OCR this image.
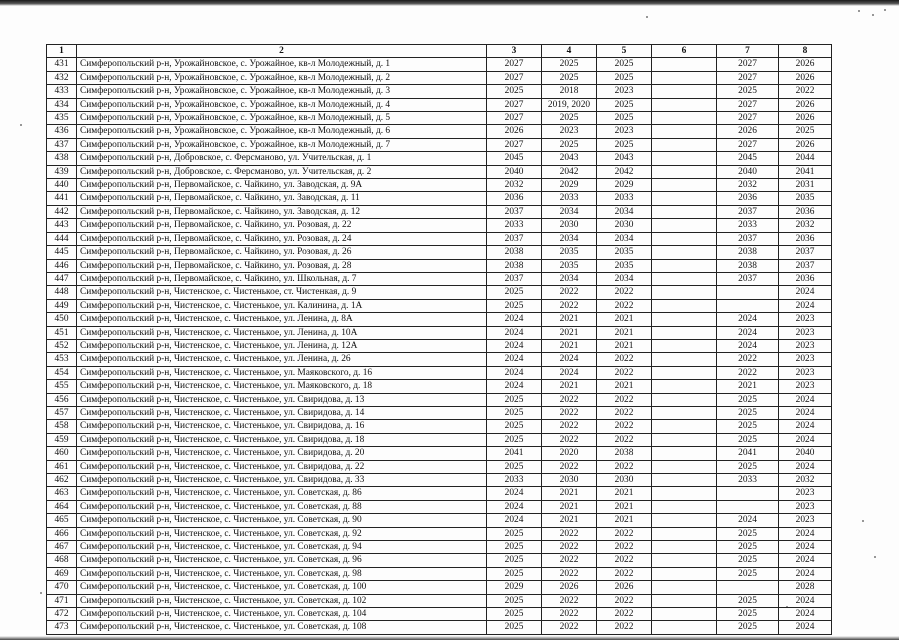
1	2	3	4	5	6	7	8
431	Симферопольский р-н, Урожайновское, с. Урожайное, кв-л Молодежный, д. 1	2027	2025	2025		2027	2026
432	Симферопольский р-н, Урожайновское, с. Урожайное, кв-л Молодежный, д. 2	2027	2025	2025		2027	2026
433	Симферопольский р-н, Урожайновское, с. Урожайное, кв-л Молодежный, д. 3	2025	2018	2023		2025	2022
434	Симферопольский р-н, Урожайновское, с. Урожайное, кв-л Молодежный, д. 4	2027	2019, 2020	2025		2027	2026
435	Симферопольский р-н, Урожайновское, с. Урожайное, кв-л Молодежный, д. 5	2027	2025	2025		2027	2026
436	Симферопольский р-н, Урожайновское, с. Урожайное, кв-л Молодежный, д. 6	2026	2023	2023		2026	2025
437	Симферопольский р-н, Урожайновское, с. Урожайное, кв-л Молодежный, д. 7	2027	2025	2025		2027	2026
438	Симферопольский р-н, Добровское, с. Ферсманово, ул. Учительская, д. 1	2045	2043	2043		2045	2044
439	Симферопольский р-н, Добровское, с. Ферсманово, ул. Учительская, д. 2	2040	2042	2042		2040	2041
440	Симферопольский р-н, Первомайское, с. Чайкино, ул. Заводская, д. 9А	2032	2029	2029		2032	2031
441	Симферопольский р-н, Первомайское, с. Чайкино, ул. Заводская, д. 11	2036	2033	2033		2036	2035
442	Симферопольский р-н, Первомайское, с. Чайкино, ул. Заводская, д. 12	2037	2034	2034		2037	2036
443	Симферопольский р-н, Первомайское, с. Чайкино, ул. Розовая, д. 22	2033	2030	2030		2033	2032
444	Симферопольский р-н, Первомайское, с. Чайкино, ул. Розовая, д. 24	2037	2034	2034		2037	2036
445	Симферопольский р-н, Первомайское, с. Чайкино, ул. Розовая, д. 26	2038	2035	2035		2038	2037
446	Симферопольский р-н, Первомайское, с. Чайкино, ул. Розовая, д. 28	2038	2035	2035		2038	2037
447	Симферопольский р-н, Первомайское, с. Чайкино, ул. Школьная, д. 7	2037	2034	2034		2037	2036
448	Симферопольский р-н, Чистенское, с. Чистенькое, ст. Чистенкая, д. 9	2025	2022	2022			2024
449	Симферопольский р-н, Чистенское, с. Чистенькое, ул. Калинина, д. 1А	2025	2022	2022			2024
450	Симферопольский р-н, Чистенское, с. Чистенькое, ул. Ленина, д. 8А	2024	2021	2021		2024	2023
451	Симферопольский р-н, Чистенское, с. Чистенькое, ул. Ленина, д. 10А	2024	2021	2021		2024	2023
452	Симферопольский р-н, Чистенское, с. Чистенькое, ул. Ленина, д. 12А	2024	2021	2021		2024	2023
453	Симферопольский р-н, Чистенское, с. Чистенькое, ул. Ленина, д. 26	2024	2024	2022		2022	2023
454	Симферопольский р-н, Чистенское, с. Чистенькое, ул. Маяковского, д. 16	2024	2024	2022		2022	2023
455	Симферопольский р-н, Чистенское, с. Чистенькое, ул. Маяковского, д. 18	2024	2021	2021		2021	2023
456	Симферопольский р-н, Чистенское, с. Чистенькое, ул. Свиридова, д. 13	2025	2022	2022		2025	2024
457	Симферопольский р-н, Чистенское, с. Чистенькое, ул. Свиридова, д. 14	2025	2022	2022		2025	2024
458	Симферопольский р-н, Чистенское, с. Чистенькое, ул. Свиридова, д. 16	2025	2022	2022		2025	2024
459	Симферопольский р-н, Чистенское, с. Чистенькое, ул. Свиридова, д. 18	2025	2022	2022		2025	2024
460	Симферопольский р-н, Чистенское, с. Чистенькое, ул. Свиридова, д. 20	2041	2020	2038		2041	2040
461	Симферопольский р-н, Чистенское, с. Чистенькое, ул. Свиридова, д. 22	2025	2022	2022		2025	2024
462	Симферопольский р-н, Чистенское, с. Чистенькое, ул. Свиридова, д. 33	2033	2030	2030		2033	2032
463	Симферопольский р-н, Чистенское, с. Чистенькое, ул. Советская, д. 86	2024	2021	2021			2023
464	Симферопольский р-н, Чистенское, с. Чистенькое, ул. Советская, д. 88	2024	2021	2021			2023
465	Симферопольский р-н, Чистенское, с. Чистенькое, ул. Советская, д. 90	2024	2021	2021		2024	2023
466	Симферопольский р-н, Чистенское, с. Чистенькое, ул. Советская, д. 92	2025	2022	2022		2025	2024
467	Симферопольский р-н, Чистенское, с. Чистенькое, ул. Советская, д. 94	2025	2022	2022		2025	2024
468	Симферопольский р-н, Чистенское, с. Чистенькое, ул. Советская, д. 96	2025	2022	2022		2025	2024
469	Симферопольский р-н, Чистенское, с. Чистенькое, ул. Советская, д. 98	2025	2022	2022		2025	2024
470	Симферопольский р-н, Чистенское, с. Чистенькое, ул. Советская, д. 100	2029	2026	2026			2028
471	Симферопольский р-н, Чистенское, с. Чистенькое, ул. Советская, д. 102	2025	2022	2022		2025	2024
472	Симферопольский р-н, Чистенское, с. Чистенькое, ул. Советская, д. 104	2025	2022	2022		2025	2024
473	Симферопольский р-н, Чистенское, с. Чистенькое, ул. Советская, д. 108	2025	2022	2022		2025	2024
